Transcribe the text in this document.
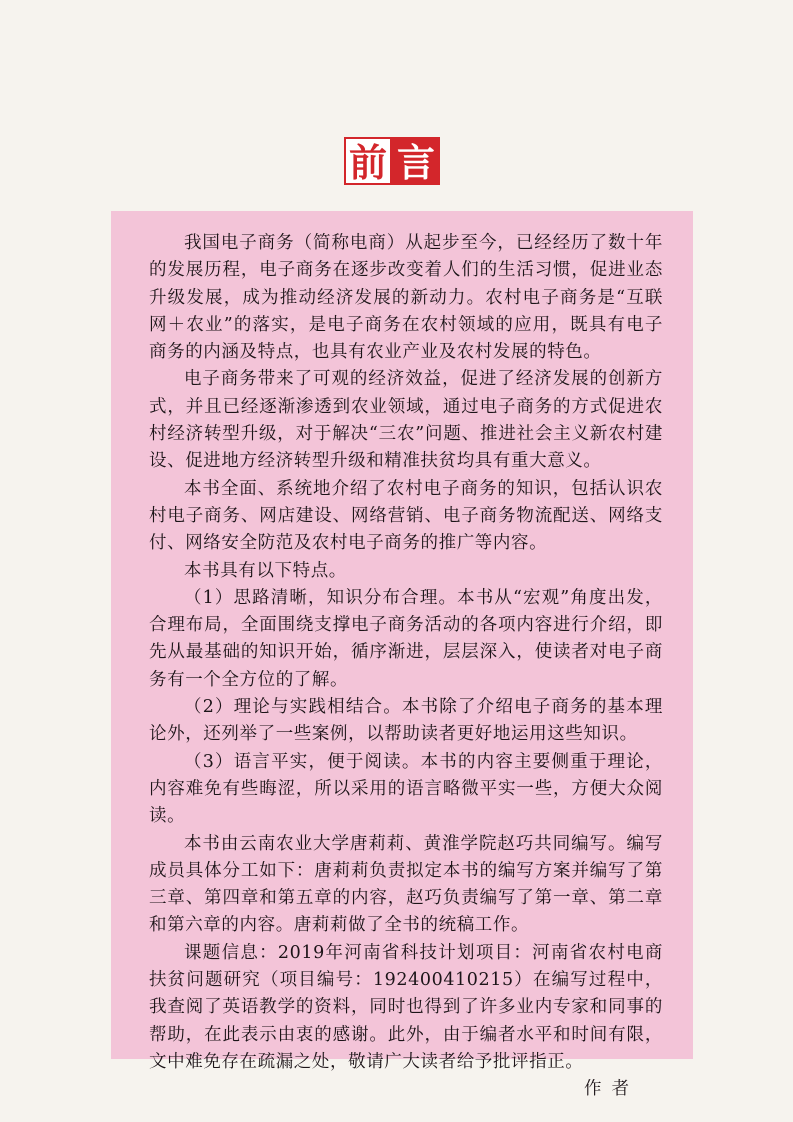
前 言

我国电子商务（简称电商）从起步至今，已经经历了数十年的发展历程，电子商务在逐步改变着人们的生活习惯，促进业态升级发展，成为推动经济发展的新动力。农村电子商务是“互联网＋农业”的落实，是电子商务在农村领域的应用，既具有电子商务的内涵及特点，也具有农业产业及农村发展的特色。

电子商务带来了可观的经济效益，促进了经济发展的创新方式，并且已经逐渐渗透到农业领域，通过电子商务的方式促进农村经济转型升级，对于解决“三农”问题、推进社会主义新农村建设、促进地方经济转型升级和精准扶贫均具有重大意义。

本书全面、系统地介绍了农村电子商务的知识，包括认识农村电子商务、网店建设、网络营销、电子商务物流配送、网络支付、网络安全防范及农村电子商务的推广等内容。

本书具有以下特点。

（1）思路清晰，知识分布合理。本书从“宏观”角度出发，合理布局，全面围绕支撑电子商务活动的各项内容进行介绍，即先从最基础的知识开始，循序渐进，层层深入，使读者对电子商务有一个全方位的了解。

（2）理论与实践相结合。本书除了介绍电子商务的基本理论外，还列举了一些案例，以帮助读者更好地运用这些知识。

（3）语言平实，便于阅读。本书的内容主要侧重于理论，内容难免有些晦涩，所以采用的语言略微平实一些，方便大众阅读。

本书由云南农业大学唐莉莉、黄淮学院赵巧共同编写。编写成员具体分工如下：唐莉莉负责拟定本书的编写方案并编写了第三章、第四章和第五章的内容，赵巧负责编写了第一章、第二章和第六章的内容。唐莉莉做了全书的统稿工作。

课题信息：2019年河南省科技计划项目：河南省农村电商扶贫问题研究（项目编号：192400410215）在编写过程中，我查阅了英语教学的资料，同时也得到了许多业内专家和同事的帮助，在此表示由衷的感谢。此外，由于编者水平和时间有限，文中难免存在疏漏之处，敬请广大读者给予批评指正。

作者
